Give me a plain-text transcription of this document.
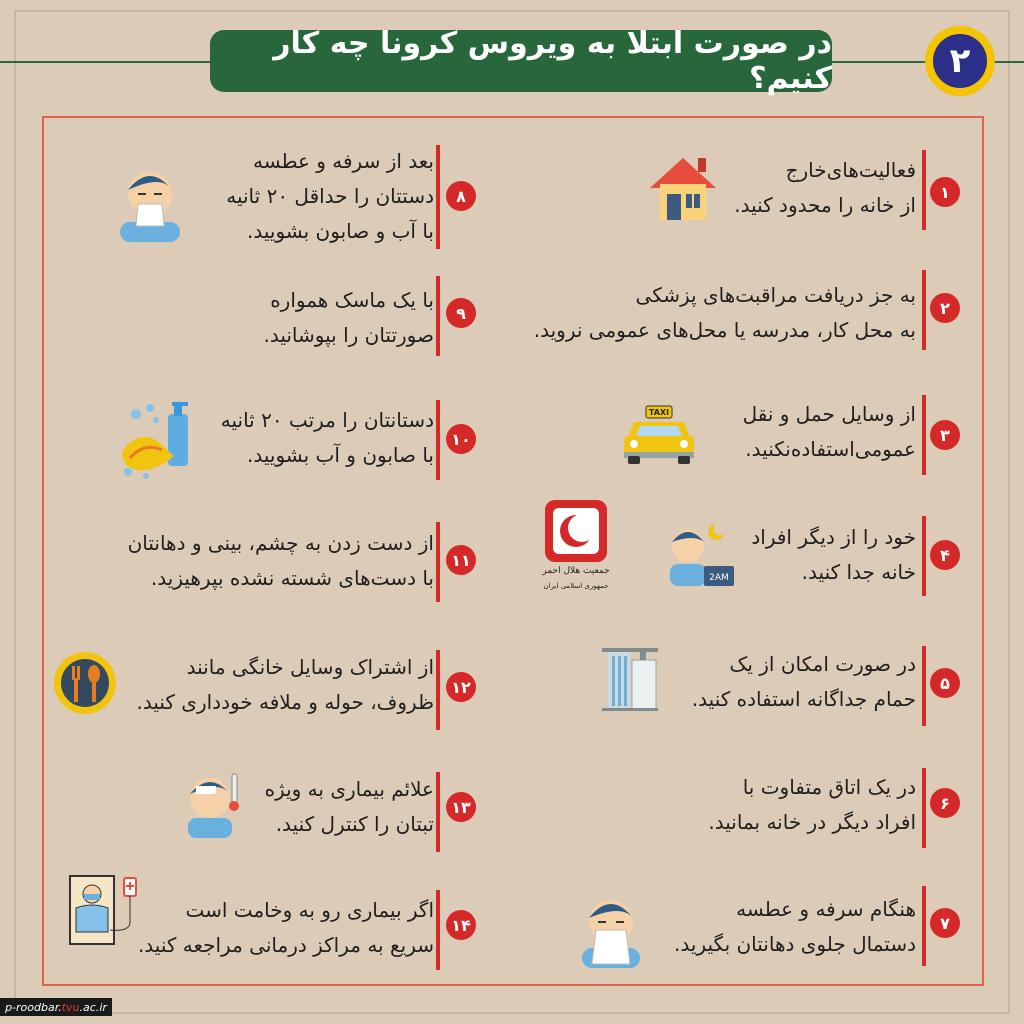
در صورت ابتلا به ویروس کرونا چه کار کنیم؟	۲
۱
فعالیت‌های‌خارج
از خانه را محدود کنید.
۲
به جز دریافت مراقبت‌های پزشکی
به محل کار، مدرسه یا محل‌های عمومی نروید.
۳
از وسایل حمل و نقل
عمومی‌استفاده‌نکنید.
TAXI
۴
خود را از دیگر افراد
خانه جدا کنید.
2AM
۵
در صورت امکان از یک
حمام جداگانه استفاده کنید.
۶
در یک اتاق متفاوت با
افراد دیگر در خانه بمانید.
۷
هنگام سرفه و عطسه
دستمال جلوی دهانتان بگیرید.
۸
بعد از سرفه و عطسه
دستتان را حداقل ۲۰ ثانیه
با آب و صابون بشویید.
۹
با یک ماسک همواره
صورتتان را بپوشانید.
۱۰
دستانتان را مرتب ۲۰ ثانیه
با صابون و آب بشویید.
۱۱
از دست زدن به چشم، بینی و دهانتان
با دست‌های شسته نشده بپرهیزید.
۱۲
از اشتراک وسایل خانگی مانند
ظروف، حوله و ملافه خودداری کنید.
۱۳
علائم بیماری به ویژه
تبتان را کنترل کنید.
۱۴
اگر بیماری رو به وخامت است
سریع به مراکز درمانی مراجعه کنید.
جمعیت هلال احمر
جمهوری اسلامی ایران
p-roodbar. tvu .ac.ir
